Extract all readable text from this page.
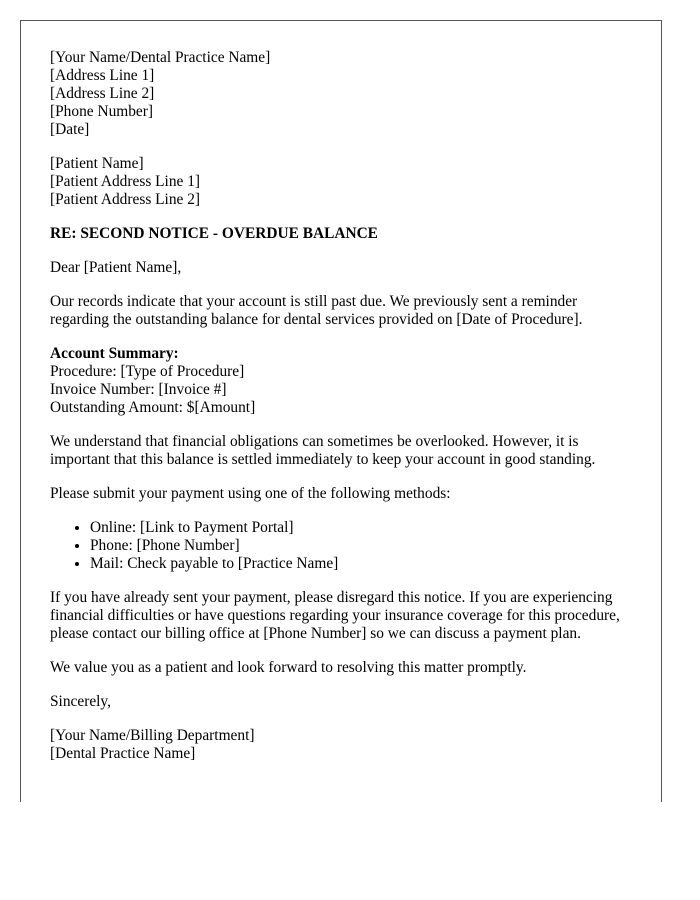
[Your Name/Dental Practice Name]
[Address Line 1]
[Address Line 2]
[Phone Number]
[Date]
[Patient Name]
[Patient Address Line 1]
[Patient Address Line 2]
RE: SECOND NOTICE - OVERDUE BALANCE
Dear [Patient Name],
Our records indicate that your account is still past due. We previously sent a reminder regarding the outstanding balance for dental services provided on [Date of Procedure].
Account Summary:
Procedure: [Type of Procedure]
Invoice Number: [Invoice #]
Outstanding Amount: $[Amount]
We understand that financial obligations can sometimes be overlooked. However, it is important that this balance is settled immediately to keep your account in good standing.
Please submit your payment using one of the following methods:
• Online: [Link to Payment Portal]
• Phone: [Phone Number]
• Mail: Check payable to [Practice Name]
If you have already sent your payment, please disregard this notice. If you are experiencing financial difficulties or have questions regarding your insurance coverage for this procedure, please contact our billing office at [Phone Number] so we can discuss a payment plan.
We value you as a patient and look forward to resolving this matter promptly.
Sincerely,
[Your Name/Billing Department]
[Dental Practice Name]
